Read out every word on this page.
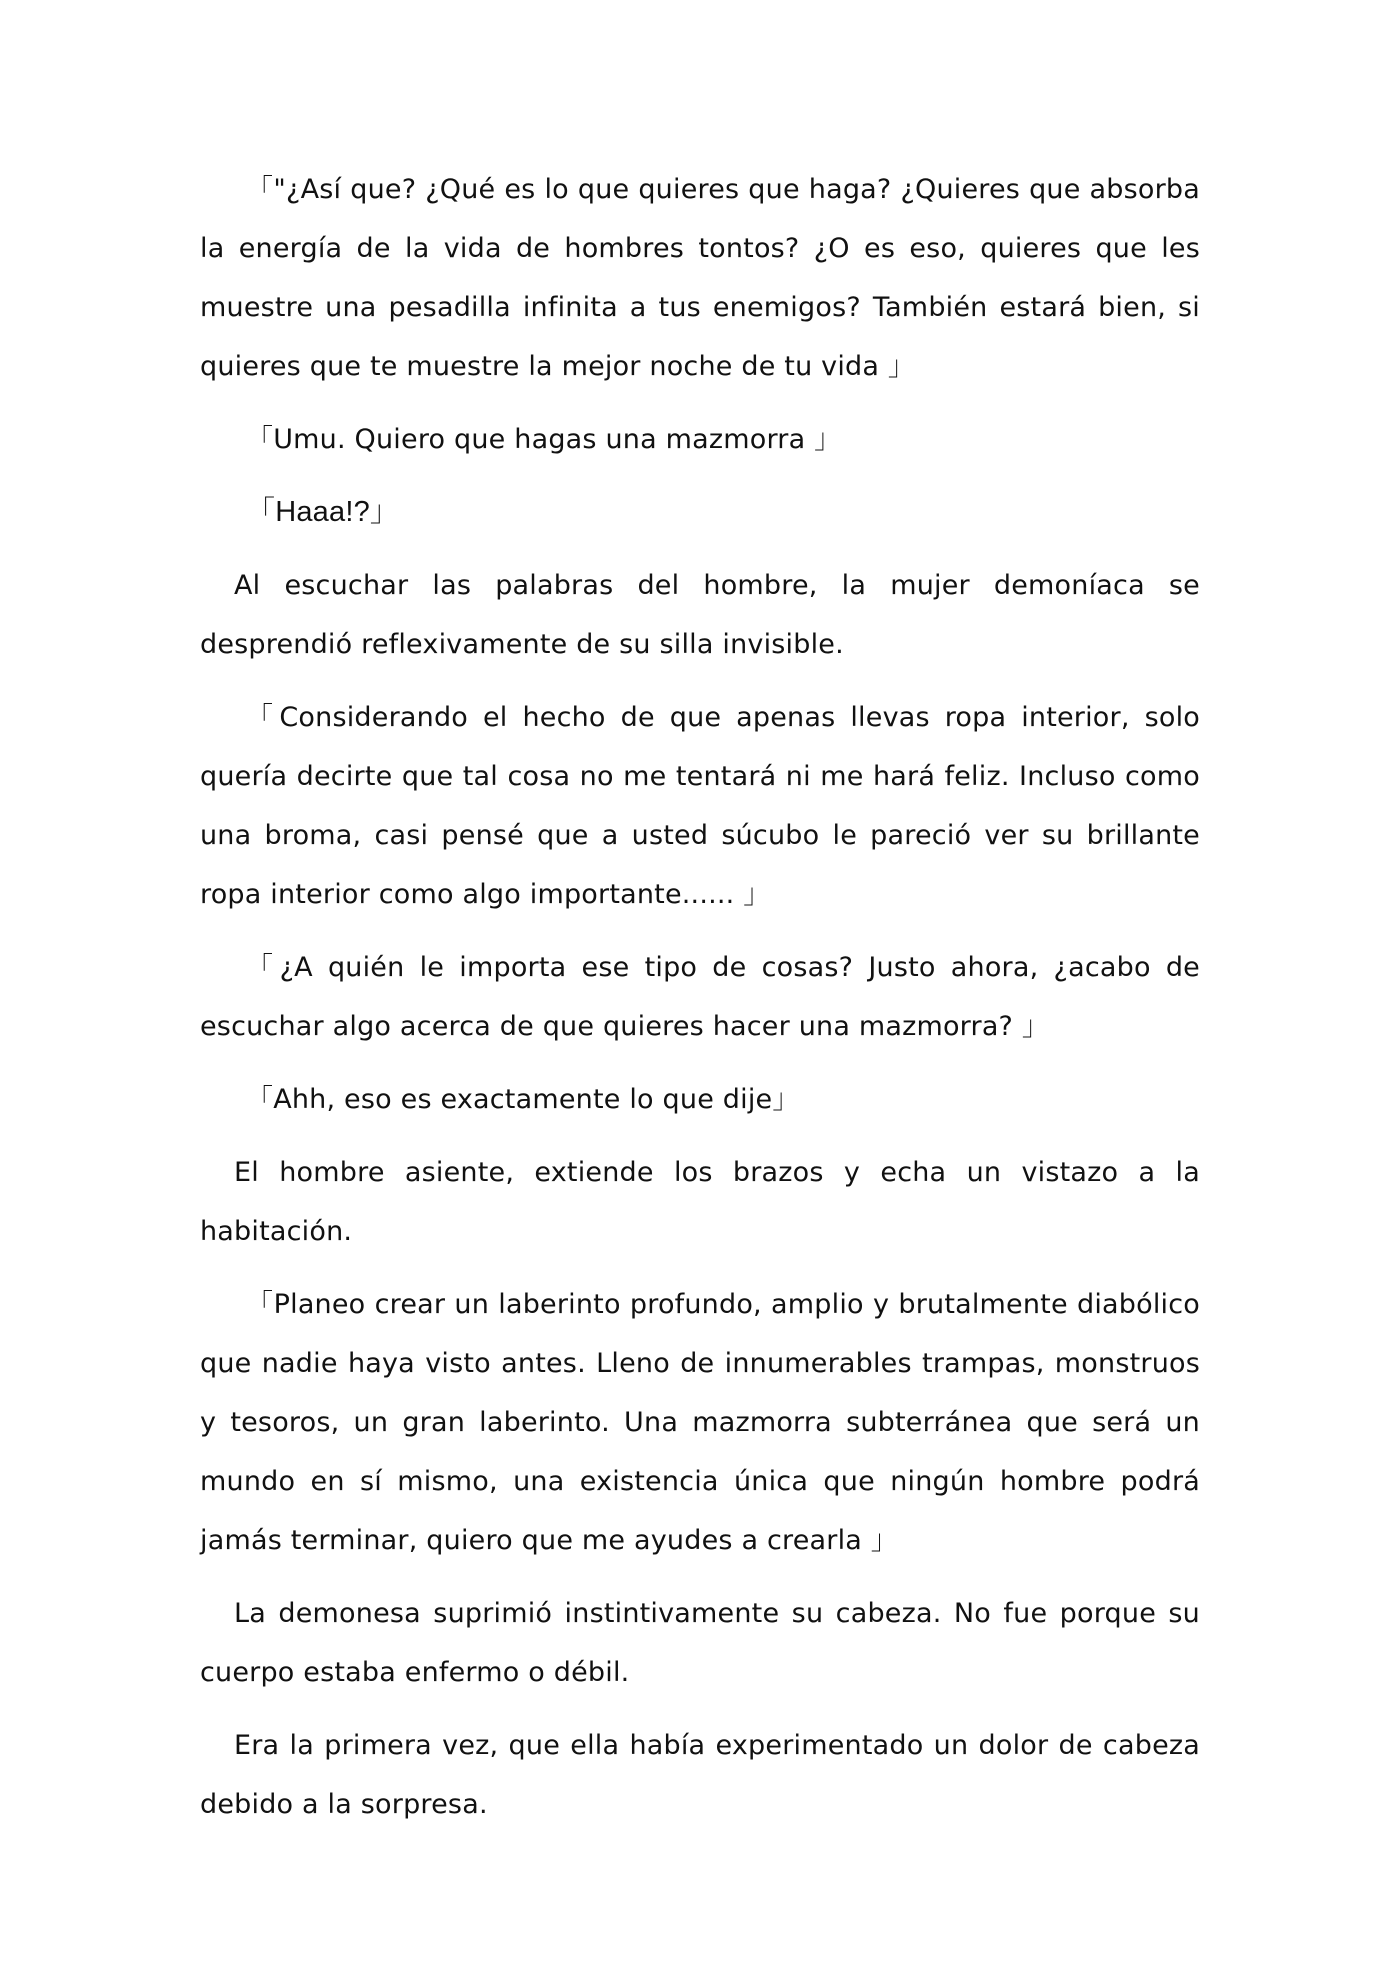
「"¿Así que? ¿Qué es lo que quieres que haga? ¿Quieres que absorba la energía de la vida de hombres tontos? ¿O es eso, quieres que les muestre una pesadilla infinita a tus enemigos? También estará bien, si quieres que te muestre la mejor noche de tu vida 」

「Umu. Quiero que hagas una mazmorra 」

「Haaa!?」

Al escuchar las palabras del hombre, la mujer demoníaca se desprendió reflexivamente de su silla invisible.

「Considerando el hecho de que apenas llevas ropa interior, solo quería decirte que tal cosa no me tentará ni me hará feliz. Incluso como una broma, casi pensé que a usted súcubo le pareció ver su brillante ropa interior como algo importante...... 」

「¿A quién le importa ese tipo de cosas? Justo ahora, ¿acabo de escuchar algo acerca de que quieres hacer una mazmorra? 」

「Ahh, eso es exactamente lo que dije」

El hombre asiente, extiende los brazos y echa un vistazo a la habitación.

「Planeo crear un laberinto profundo, amplio y brutalmente diabólico que nadie haya visto antes. Lleno de innumerables trampas, monstruos y tesoros, un gran laberinto. Una mazmorra subterránea que será un mundo en sí mismo, una existencia única que ningún hombre podrá jamás terminar, quiero que me ayudes a crearla 」

La demonesa suprimió instintivamente su cabeza. No fue porque su cuerpo estaba enfermo o débil.

Era la primera vez, que ella había experimentado un dolor de cabeza debido a la sorpresa.
